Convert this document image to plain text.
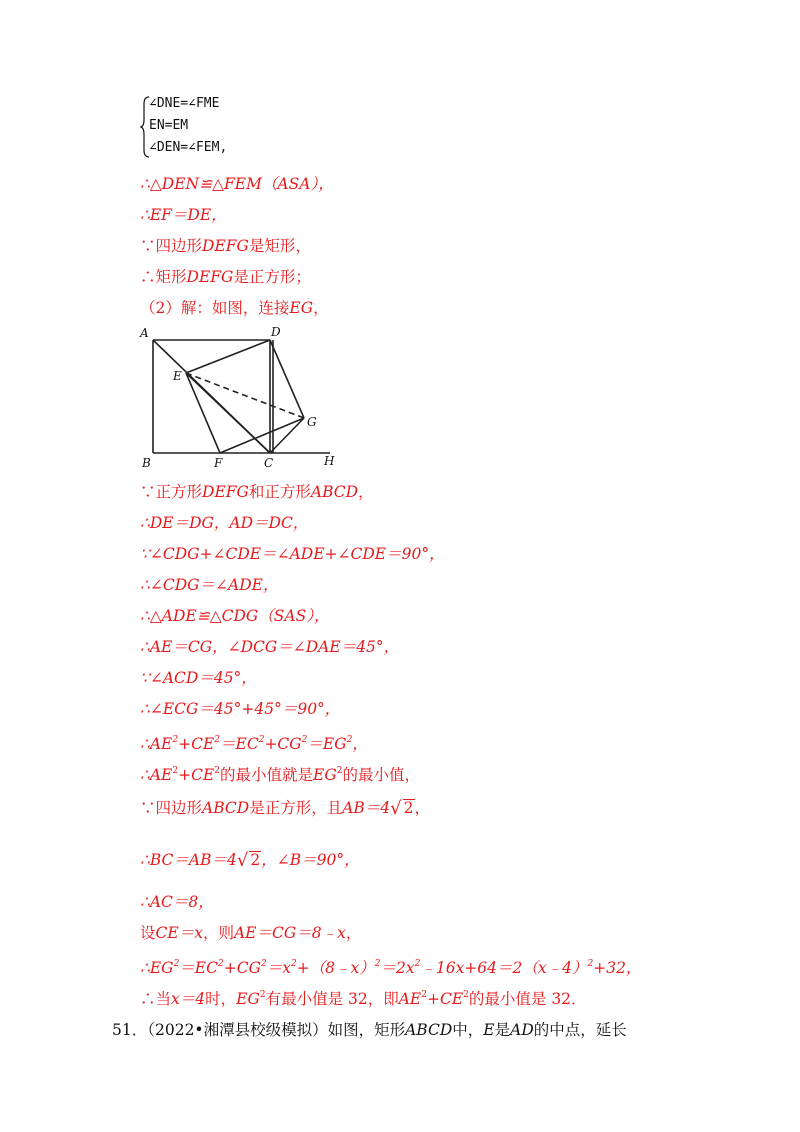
∠DNE=∠FME
EN=EM
∠DEN=∠FEM,
∴△DEN≌△FEM（ASA），
∴EF＝DE，
∵四边形DEFG是矩形，
∴矩形DEFG是正方形；
（2）解：如图，连接EG，
A	D
E
G
B	F	C	H
∵正方形DEFG和正方形ABCD，
∴DE＝DG，AD＝DC，
∵∠CDG+∠CDE＝∠ADE+∠CDE＝90°，
∴∠CDG＝∠ADE，
∴△ADE≌△CDG（SAS），
∴AE＝CG，∠DCG＝∠DAE＝45°，
∵∠ACD＝45°，
∴∠ECG＝45°+45°＝90°，
$\therefore AE^2+CE^2=EC^2+CG^2=EG^2$，
$\therefore AE^2+CE^2$的最小值就是$EG^2$的最小值，
∵四边形ABCD是正方形，且AB＝4√ 2，
∴BC＝AB＝4√ 2，∠B＝90°，
∴AC＝8，
设CE＝x，则AE＝CG＝8﹣x，
$\therefore EG^2=EC^2+CG^2=x^2+(8﹣x)^2=2x^2﹣16x+64=2(x﹣4)^2+32$，
∴当x＝4时，$EG^2$有最小值是 32，即$AE^2+CE^2$的最小值是 32．
51．（2022•湘潭县校级模拟）如图，矩形ABCD中，E是AD的中点，延长
